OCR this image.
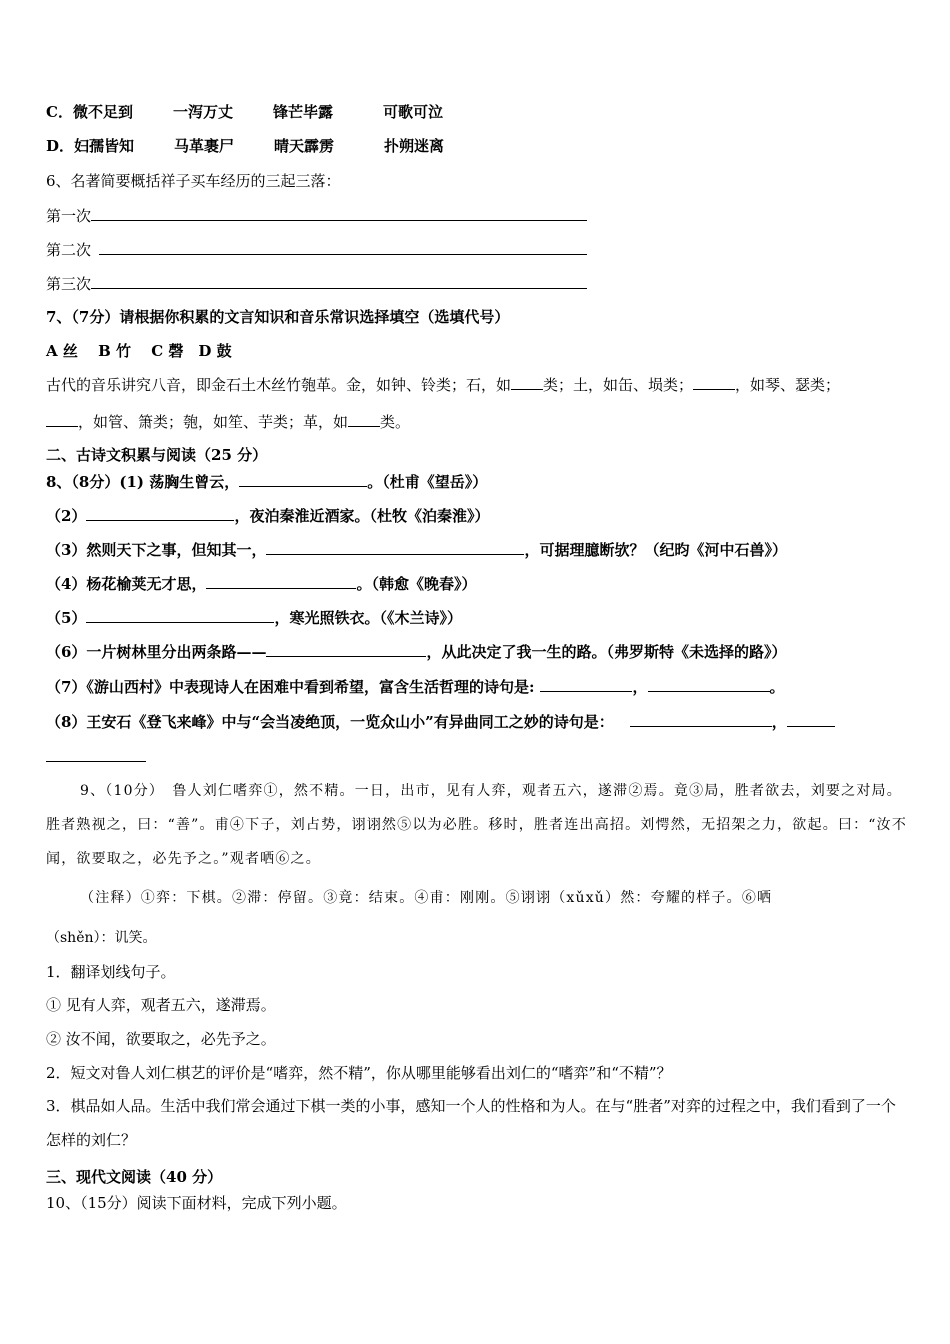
C．微不足到	一泻万丈	锋芒毕露	可歌可泣
D．妇孺皆知	马革裹尸	晴天霹雳	扑朔迷离
6、名著简要概括祥子买车经历的三起三落：
第一次
第二次
第三次
7、（7分）请根据你积累的文言知识和音乐常识选择填空（选填代号）
A 丝　 B 竹　 C 磬　D 鼓
古代的音乐讲究八音，即金石土木丝竹匏革。金，如钟、铃类；石，如 类；土，如缶、埙类；	，如琴、瑟类；
，如管、箫类；匏，如笙、芋类；革，如 类。
二、古诗文积累与阅读（25 分）
8、（8分）(1) 荡胸生曾云，	。（杜甫《望岳》）
（2）	，夜泊秦淮近酒家。（杜牧《泊秦淮》）
（3）然则天下之事，但知其一，	，可据理臆断欤？（纪昀《河中石兽》）
（4）杨花榆荚无才思，	。（韩愈《晚春》）
（5）	，寒光照铁衣。（《木兰诗》）
（6）一片树林里分出两条路——	，从此决定了我一生的路。（弗罗斯特《未选择的路》）
（7）《游山西村》中表现诗人在困难中看到希望，富含生活哲理的诗句是:	，	。
（8）王安石《登飞来峰》中与“会当凌绝顶，一览众山小”有异曲同工之妙的诗句是：	，
9、（10分）　鲁人刘仁嗜弈①，然不精。一日，出市，见有人弈，观者五六，遂滞②焉。竟③局，胜者欲去，刘要之对局。胜者熟视之，曰：“善”。甫④下子，刘占势，诩诩然⑤以为必胜。移时，胜者连出高招。刘愕然，无招架之力，欲起。曰：“汝不闻，欲要取之，必先予之。”观者哂⑥之。
（注释）①弈：下棋。②滞：停留。③竟：结束。④甫：刚刚。⑤诩诩（xǔxǔ）然：夸耀的样子。⑥哂
（shěn）：讥笑。
1．翻译划线句子。
① 见有人弈，观者五六，遂滞焉。
② 汝不闻，欲要取之，必先予之。
2．短文对鲁人刘仁棋艺的评价是“嗜弈，然不精”，你从哪里能够看出刘仁的“嗜弈”和“不精”？
3．棋品如人品。生活中我们常会通过下棋一类的小事，感知一个人的性格和为人。在与“胜者”对弈的过程之中，我们看到了一个怎样的刘仁？
三、现代文阅读（40 分）
10、（15分）阅读下面材料，完成下列小题。
